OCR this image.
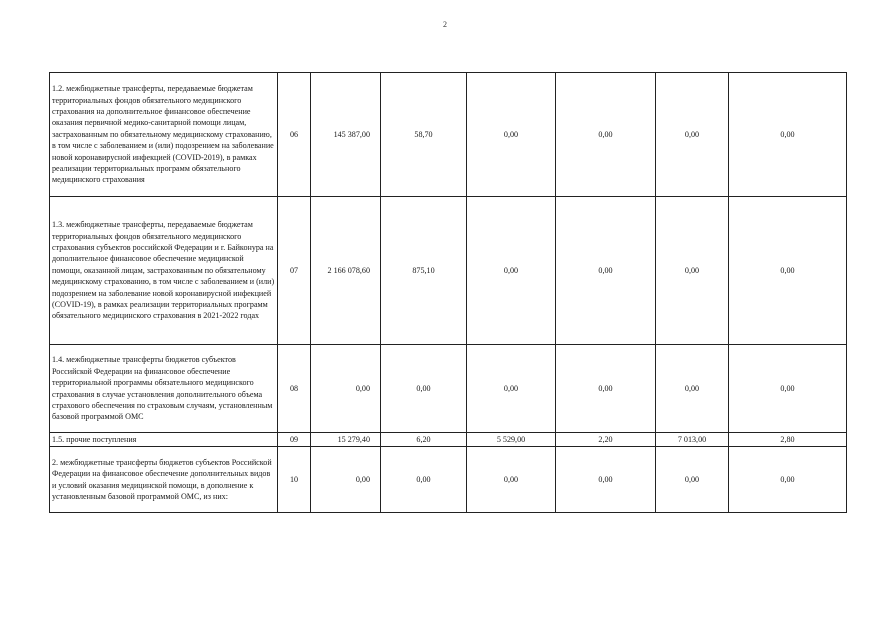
2
1.2. межбюджетные трансферты, передаваемые бюджетам территориальных фондов обязательного медицинского страхования на дополнительное финансовое обеспечение оказания первичной медико-санитарной помощи лицам, застрахованным по обязательному медицинскому страхованию, в том числе с заболеванием и (или) подозрением на заболевание новой коронавирусной инфекцией (COVID-2019), в рамках реализации территориальных программ обязательного медицинского страхования	06	145 387,00	58,70	0,00	0,00	0,00	0,00
1.3. межбюджетные трансферты, передаваемые бюджетам территориальных фондов обязательного медицинского страхования субъектов российской Федерации и г. Байконура на дополнительное финансовое обеспечение медицинской помощи, оказанной лицам, застрахованным по обязательному медицинскому страхованию, в том числе с заболеванием и (или) подозрением на заболевание новой коронавирусной инфекцией (COVID-19), в рамках реализации территориальных программ обязательного медицинского страхования в 2021-2022 годах	07	2 166 078,60	875,10	0,00	0,00	0,00	0,00
1.4. межбюджетные трансферты бюджетов субъектов Российской Федерации на финансовое обеспечение территориальной программы обязательного медицинского страхования в случае установления дополнительного объема страхового обеспечения по страховым случаям, установленным базовой программой ОМС	08	0,00	0,00	0,00	0,00	0,00	0,00
1.5. прочие поступления	09	15 279,40	6,20	5 529,00	2,20	7 013,00	2,80
2. межбюджетные трансферты бюджетов субъектов Российской Федерации на финансовое обеспечение дополнительных видов и условий оказания медицинской помощи, в дополнение к установленным базовой программой ОМС, из них:	10	0,00	0,00	0,00	0,00	0,00	0,00
